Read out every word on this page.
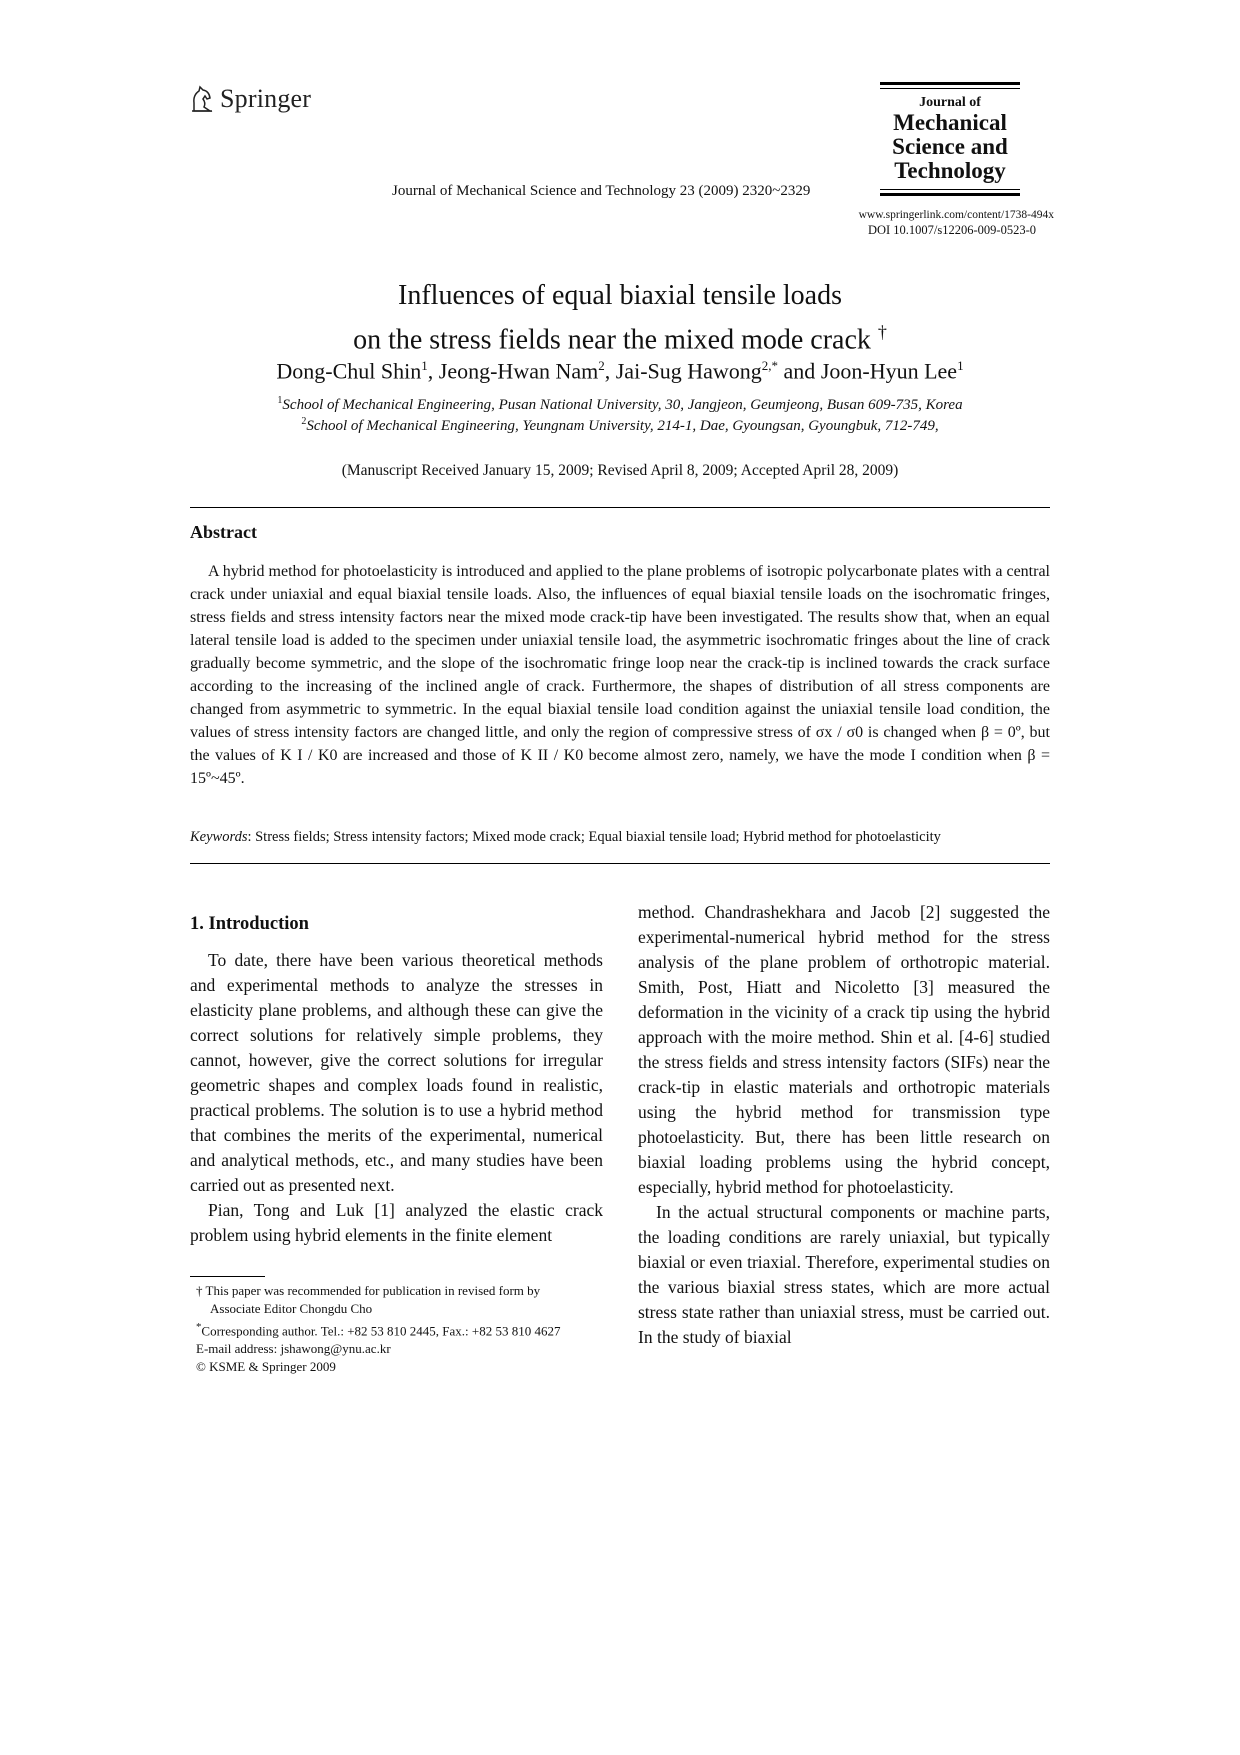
Springer	Journal of
Mechanical
Science and
Technology
Journal of Mechanical Science and Technology 23 (2009) 2320~2329
www.springerlink.com/content/1738-494x
DOI 10.1007/s12206-009-0523-0
Influences of equal biaxial tensile loads
on the stress fields near the mixed mode crack †
Dong-Chul Shin$^1$, Jeong-Hwan Nam$^2$, Jai-Sug Hawong$^{2,*}$ and Joon-Hyun Lee$^1$
$^1$School of Mechanical Engineering, Pusan National University, 30, Jangjeon, Geumjeong, Busan 609-735, Korea
$^2$School of Mechanical Engineering, Yeungnam University, 214-1, Dae, Gyoungsan, Gyoungbuk, 712-749,
(Manuscript Received January 15, 2009; Revised April 8, 2009; Accepted April 28, 2009)
Abstract

A hybrid method for photoelasticity is introduced and applied to the plane problems of isotropic polycarbonate plates with a central crack under uniaxial and equal biaxial tensile loads. Also, the influences of equal biaxial tensile loads on the isochromatic fringes, stress fields and stress intensity factors near the mixed mode crack-tip have been investigated. The results show that, when an equal lateral tensile load is added to the specimen under uniaxial tensile load, the asymmetric isochromatic fringes about the line of crack gradually become symmetric, and the slope of the isochromatic fringe loop near the crack-tip is inclined towards the crack surface according to the increasing of the inclined angle of crack. Furthermore, the shapes of distribution of all stress components are changed from asymmetric to symmetric. In the equal biaxial tensile load condition against the uniaxial tensile load condition, the values of stress intensity factors are changed little, and only the region of compressive stress of σx / σ0 is changed when β = 0º, but the values of K I / K0 are increased and those of K II / K0 become almost zero, namely, we have the mode I condition when β = 15º~45º.

Keywords: Stress fields; Stress intensity factors; Mixed mode crack; Equal biaxial tensile load; Hybrid method for photoelasticity
1. Introduction

To date, there have been various theoretical methods and experimental methods to analyze the stresses in elasticity plane problems, and although these can give the correct solutions for relatively simple problems, they cannot, however, give the correct solutions for irregular geometric shapes and complex loads found in realistic, practical problems. The solution is to use a hybrid method that combines the merits of the experimental, numerical and analytical methods, etc., and many studies have been carried out as presented next.

Pian, Tong and Luk [1] analyzed the elastic crack problem using hybrid elements in the finite element

method. Chandrashekhara and Jacob [2] suggested the experimental-numerical hybrid method for the stress analysis of the plane problem of orthotropic material. Smith, Post, Hiatt and Nicoletto [3] measured the deformation in the vicinity of a crack tip using the hybrid approach with the moire method. Shin et al. [4-6] studied the stress fields and stress intensity factors (SIFs) near the crack-tip in elastic materials and orthotropic materials using the hybrid method for transmission type photoelasticity. But, there has been little research on biaxial loading problems using the hybrid concept, especially, hybrid method for photoelasticity.

In the actual structural components or machine parts, the loading conditions are rarely uniaxial, but typically biaxial or even triaxial. Therefore, experimental studies on the various biaxial stress states, which are more actual stress state rather than uniaxial stress, must be carried out. In the study of biaxial

† This paper was recommended for publication in revised form by
Associate Editor Chongdu Cho
*Corresponding author. Tel.: +82 53 810 2445, Fax.: +82 53 810 4627
E-mail address: jshawong@ynu.ac.kr
© KSME & Springer 2009
